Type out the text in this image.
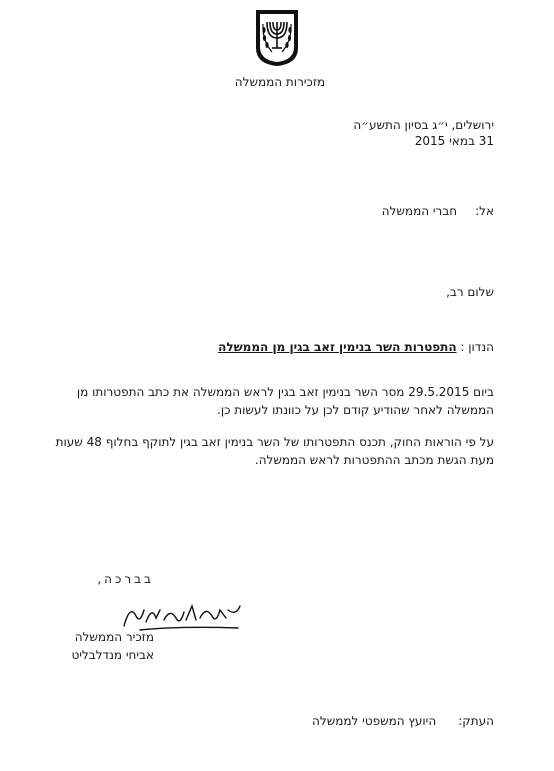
מזכירות הממשלה
ירושלים, י״ג בסיון התשע״ה
31 במאי 2015
אל:חברי הממשלה
שלום רב,
הנדון : התפטרות השר בנימין זאב בגין מן הממשלה
ביום 29.5.2015 מסר השר בנימין זאב בגין לראש הממשלה את כתב התפטרותו מן הממשלה לאחר שהודיע קודם לכן על כוונתו לעשות כן.
על פי הוראות החוק, תכנס התפטרותו של השר בנימין זאב בגין לתוקף בחלוף 48 שעות מעת הגשת מכתב ההתפטרות לראש הממשלה.
בברכה,
מזכיר הממשלה
אביחי מנדלבליט
העתק:היועץ המשפטי לממשלה
